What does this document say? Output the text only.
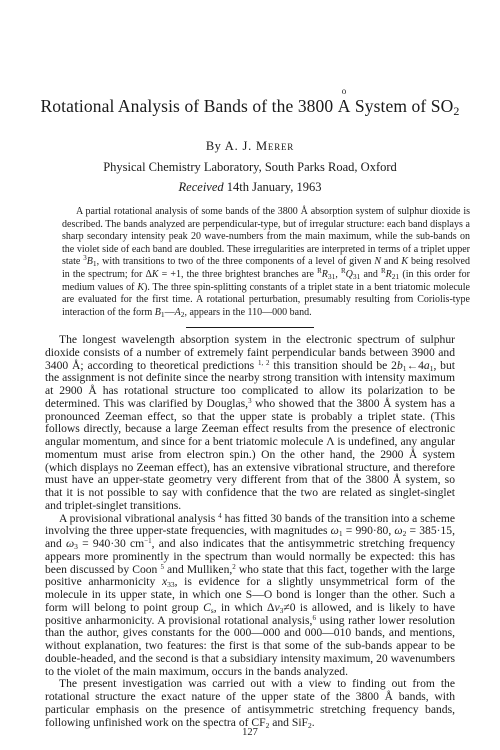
Rotational Analysis of Bands of the 3800
o
A System of $SO_2$
By A. J. Merer
Physical Chemistry Laboratory, South Parks Road, Oxford
Received 14th January, 1963

A partial rotational analysis of some bands of the 3800 Å absorption system of sulphur dioxide is described. The bands analyzed are perpendicular-type, but of irregular structure: each band displays a sharp secondary intensity peak 20 wave-numbers from the main maximum, while the sub-bands on the violet side of each band are doubled. These irregularities are interpreted in terms of a triplet upper state $^3B_1$, with transitions to two of the three components of a level of given N and K being resolved in the spectrum; for ΔK = +1, the three brightest branches are $^RR_{31}$, $^RQ_{31}$ and $^RR_{21}$ (in this order for medium values of K). The three spin-splitting constants of a triplet state in a bent triatomic molecule are evaluated for the first time. A rotational perturbation, presumably resulting from Coriolis-type interaction of the form $B_1—A_2$, appears in the 110—000 band.

The longest wavelength absorption system in the electronic spectrum of sulphur dioxide consists of a number of extremely faint perpendicular bands between 3900 and 3400 Å; according to theoretical predictions $^{1, 2}$ this transition should be $2b_1\leftarrow 4a_1$, but the assignment is not definite since the nearby strong transition with intensity maximum at 2900 Å has rotational structure too complicated to allow its polarization to be determined. This was clarified by Douglas,$^3$ who showed that the 3800 Å system has a pronounced Zeeman effect, so that the upper state is probably a triplet state. (This follows directly, because a large Zeeman effect results from the presence of electronic angular momentum, and since for a bent triatomic molecule Λ is undefined, any angular momentum must arise from electron spin.) On the other hand, the 2900 Å system (which displays no Zeeman effect), has an extensive vibrational structure, and therefore must have an upper-state geometry very different from that of the 3800 Å system, so that it is not possible to say with confidence that the two are related as singlet-singlet and triplet-singlet transitions.

A provisional vibrational analysis $^4$ has fitted 30 bands of the transition into a scheme involving the three upper-state frequencies, with magnitudes $\omega_1 = 990\cdot 80$, $\omega_2 = 385\cdot 15$, and $\omega_3 = 940\cdot 30$ $cm^{-1}$, and also indicates that the antisymmetric stretching frequency appears more prominently in the spectrum than would normally be expected: this has been discussed by Coon $^5$ and Mulliken,$^2$ who state that this fact, together with the large positive anharmonicity $x_{33}$, is evidence for a slightly unsymmetrical form of the molecule in its upper state, in which one S—O bond is longer than the other. Such a form will belong to point group $C_s$, in which $\Delta v_3\ne 0$ is allowed, and is likely to have positive anharmonicity. A provisional rotational analysis,$^6$ using rather lower resolution than the author, gives constants for the 000—000 and 000—010 bands, and mentions, without explanation, two features: the first is that some of the sub-bands appear to be double-headed, and the second is that a subsidiary intensity maximum, 20 wavenumbers to the violet of the main maximum, occurs in the bands analyzed.

The present investigation was carried out with a view to finding out from the rotational structure the exact nature of the upper state of the 3800 Å bands, with particular emphasis on the presence of antisymmetric stretching frequency bands, following unfinished work on the spectra of $CF_2$ and SiF$_2$.

127
